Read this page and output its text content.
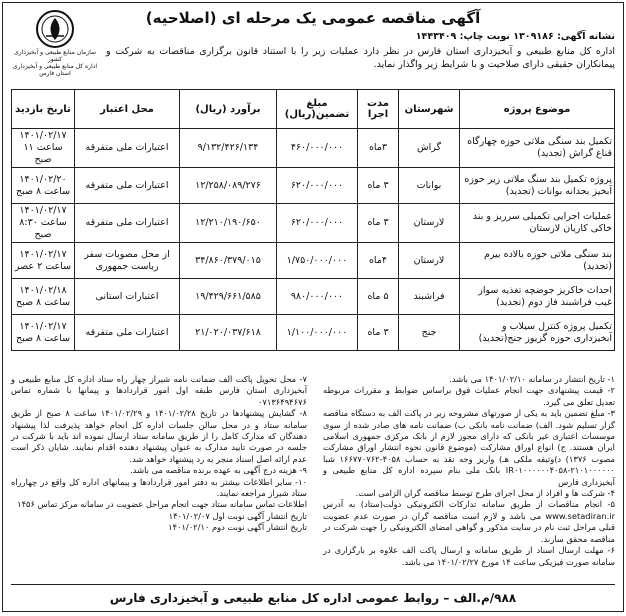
سازمان منابع طبیعی و آبخیزداری کشور
اداره کل منابع طبیعی و آبخیزداری استان فارس
آگهی مناقصه عمومی یک مرحله ای (اصلاحیه)
نشانه آگهی: ۱۳۰۹۱۸۶ نوبت چاپ: ۱۴۴۳۴۰۹
اداره کل منابع طبیعی و آبخیزداری استان فارس در نظر دارد عملیات زیر را با استناد قانون برگزاری مناقصات به شرکت و پیمانکاران حقیقی دارای صلاحیت و با شرایط زیر واگذار نماید.
موضوع پروژه	شهرستان	مدت اجرا	مبلغ تضمین(ریال)	برآورد (ریال)	محل اعتبار	تاریخ بازدید
تکمیل بند سنگی ملاتی حوزه چهارگاه قناغ گراش (تجدید)	گراش	۳ماه	۴۶۰/۰۰۰/۰۰۰	۹/۱۳۲/۴۲۶/۱۳۴	اعتبارات ملی متفرقه	۱۴۰۱/۰۲/۱۷ ساعت ۱۱ صبح
پروژه تکمیل بند سنگ ملاتی زیر حوزه آبخیز بحدانه بوانات (تجدید)	بوانات	۳ ماه	۶۲۰/۰۰۰/۰۰۰	۱۲/۲۵۸/۰۸۹/۲۷۶	اعتبارات ملی متفرقه	۱۴۰۱/۰۲/۲۰ ساعت ۸ صبح
عملیات اجرایی تکمیلی سرریز و بند خاکی کاریان لارستان	لارستان	۳ ماه	۶۲۰/۰۰۰/۰۰۰	۱۲/۲۱۰/۱۹۰/۶۵۰	اعتبارات ملی متفرقه	۱۴۰۱/۰۲/۱۷ ساعت ۸:۳۰ صبح
بند سنگی ملاتی حوزه بالاده بیرم (تجدید)	لارستان	۴ماه	۱/۷۵۰/۰۰۰/۰۰۰	۳۴/۸۶۰/۳۷۹/۰۱۵	از محل مصوبات سفر ریاست جمهوری	۱۴۰۱/۰۲/۱۷ ساعت ۲ عصر
احداث خاکریز جوضچه تغذیه سوار غیب فراشبند فاز دوم (تجدید)	فراشبند	۵ ماه	۹۸۰/۰۰۰/۰۰۰	۱۹/۴۲۹/۶۶۱/۵۸۵	اعتبارات استانی	۱۴۰۱/۰۲/۱۸ ساعت ۸ صبح
تکمیل پروژه کنترل سیلاب و آبخیزداری حوزه گزیوز جنج(تجدید)	جنج	۳ ماه	۱/۱۰۰/۰۰۰/۰۰۰	۲۱/۰۲۰/۰۳۷/۶۱۸	اعتبارات ملی متفرقه	۱۴۰۱/۰۲/۱۷ ساعت ۸ صبح
۱- تاریخ انتشار در سامانه ۱۴۰۱/۰۲/۱۰ می باشد.
۲- قیمت پیشنهادی جهت انجام عملیات فوق براساس ضوابط و مقررات مربوطه تعدیل تعلق می گیرد.
۳- مبلغ تضمین باید به یکی از صورتهای مشروحه زیر در پاکت الف به دستگاه مناقصه گزار تسلیم شود. الف) ضمانت نامه بانکی ب) ضمانت نامه های صادر شده از سوی موسسات اعتباری غیر بانکی که دارای مجوز لازم از بانک مرکزی جمهوری اسلامی ایران هستند. ج) انواع اوراق مشارکت (موضوع قانون نحوه انتشار اوراق مشارکت مصوب ۱۳۷۶) د)وثیقه ملکی هـ) واریز وجه نقد به حساب ۴۰۵۸-۱۶۶۷۷۰۷۶۲ شبا IR۰۱۰۰۰۰۰۰۴۰۵۸-۲۱۰۱۰۰۰۰۰۰ بانک ملی بنام سپرده اداره کل منابع طبیعی و آبخیزداری فارس
۴- شرکت ها و افراد از محل اجرای طرح توسط مناقصه گران الزامی است.
۵- انجام مناقصات از طریق سامانه تدارکات الکترونیکی دولت(ستاد) به آدرس www.setadiran.ir می باشد و لازم است مناقصه گران در صورت عدم عضویت قبلی مراحل ثبت نام در سایت مذکور و گواهی امضای الکترونیکی را جهت شرکت در مناقصه محقق سازند.
۶- مهلت ارسال اسناد از طریق سامانه و ارسال پاکت الف علاوه بر بارگزاری در سامانه صورت فیزیکی ساعت ۱۴ مورخ ۱۴۰۱/۰۲/۲۷ می باشد.
۷- محل تحویل پاکت الف ضمانت نامه شیراز چهار راه ستاد اداره کل منابع طبیعی و آبخیزداری استان فارس طبقه اول امور قراردادها و پیمانها با شماره تماس ۰۷۱۳۶۴۹۴۶۷۶
۸- گشایش پیشنهادها در تاریخ ۱۴۰۱/۰۲/۲۸ و ۱۴۰۱/۰۲/۲۹ ساعت ۸ صبح از طریق سامانه ستاد و در محل سالن جلسات اداره کل انجام خواهد پذیرفت لذا پیشنهاد دهندگان که مدارک کامل را از طریق سامانه ستاد ارسال نموده اند باید با شرکت در جلسه در صورت تایید مدارک به عنوان پیشنهاد دهنده اقدام نمایند. شایان ذکر است عدم ارائه اصل اسناد منجر به رد پیشنهاد خواهد شد.
۹- هزینه درج آگهی به عهده برنده مناقصه می باشد.
۱۰- سایر اطلاعات بیشتر به دفتر امور قراردادها و پیمانهای اداره کل واقع در چهارراه ستاد شیراز مراجعه نمایند.
اطلاعات تماس سامانه ستاد جهت انجام مراحل عضویت در سامانه مرکز تماس ۱۴۵۶
تاریخ انتشار آگهی نوبت اول ۱۴۰۱/۰۲/۰۷
تاریخ انتشار آگهی نوبت دوم ۱۴۰۱/۰۲/۱۰
۹۸۸/م.الف – روابط عمومی اداره کل منابع طبیعی و آبخیزداری فارس
